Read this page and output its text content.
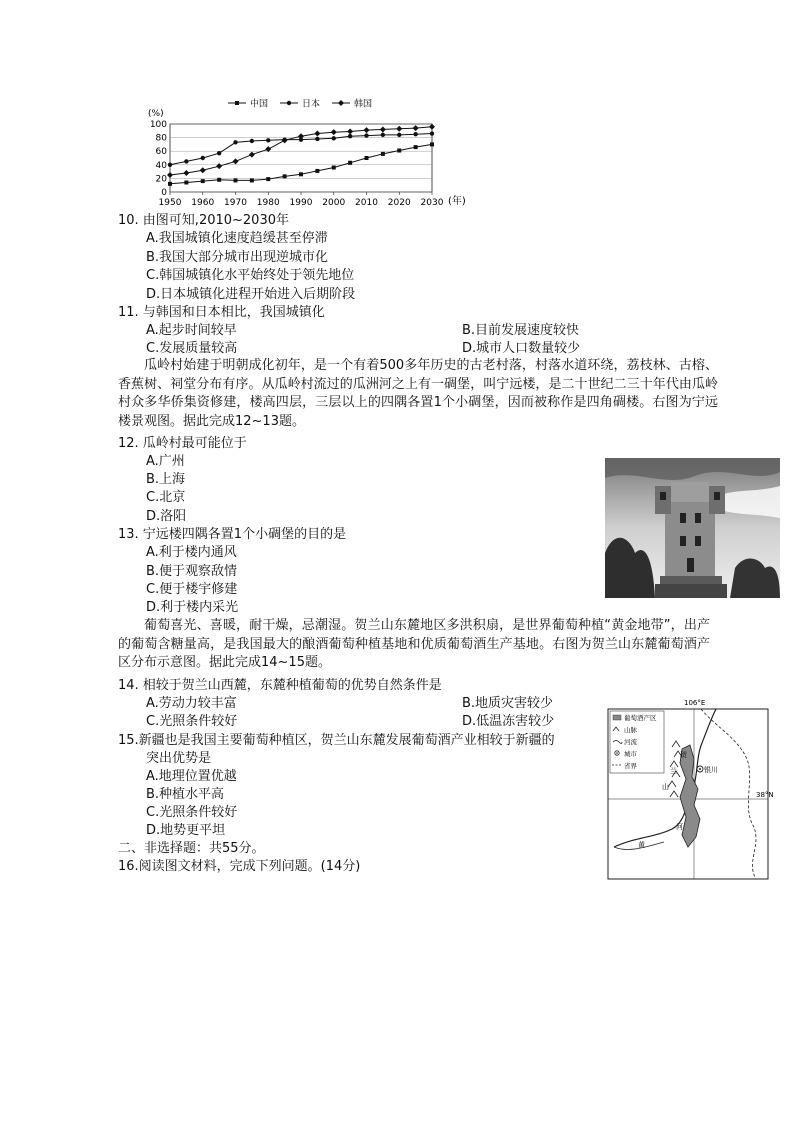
中国	日本	韩国
(%)
0
20
40
60
80
100
1950 1960 1970 1980 1990 2000 2010 2020 2030 (年)
10. 由图可知,2010~2030年
A.我国城镇化速度趋缓甚至停滞
B.我国大部分城市出现逆城市化
C.韩国城镇化水平始终处于领先地位
D.日本城镇化进程开始进入后期阶段
11. 与韩国和日本相比，我国城镇化
A.起步时间较早	B.目前发展速度较快
C.发展质量较高	D.城市人口数量较少
瓜岭村始建于明朝成化初年，是一个有着500多年历史的古老村落，村落水道环绕，荔枝林、古榕、香蕉树、祠堂分布有序。从瓜岭村流过的瓜洲河之上有一碉堡，叫宁远楼，是二十世纪二三十年代由瓜岭村众多华侨集资修建，楼高四层，三层以上的四隅各置1个小碉堡，因而被称作是四角碉楼。右图为宁远楼景观图。据此完成12~13题。
12. 瓜岭村最可能位于
A.广州
B.上海
C.北京
D.洛阳
13. 宁远楼四隅各置1个小碉堡的目的是
A.利于楼内通风
B.便于观察敌情
C.便于楼宇修建
D.利于楼内采光
葡萄喜光、喜暖，耐干燥，忌潮湿。贺兰山东麓地区多洪积扇，是世界葡萄种植“黄金地带”，出产的葡萄含糖量高，是我国最大的酿酒葡萄种植基地和优质葡萄酒生产基地。右图为贺兰山东麓葡萄酒产区分布示意图。据此完成14~15题。
14. 相较于贺兰山西麓，东麓种植葡萄的优势自然条件是
A.劳动力较丰富	B.地质灾害较少
C.光照条件较好	D.低温冻害较少
15.新疆也是我国主要葡萄种植区，贺兰山东麓发展葡萄酒产业相较于新疆的
突出优势是
A.地理位置优越
B.种植水平高
C.光照条件较好
D.地势更平坦
二、非选择题：共55分。
16.阅读图文材料，完成下列问题。(14分)
106°E
葡萄酒产区
山脉
河流
城市
省界
38°N
银川
贺
兰
山
黄
河
